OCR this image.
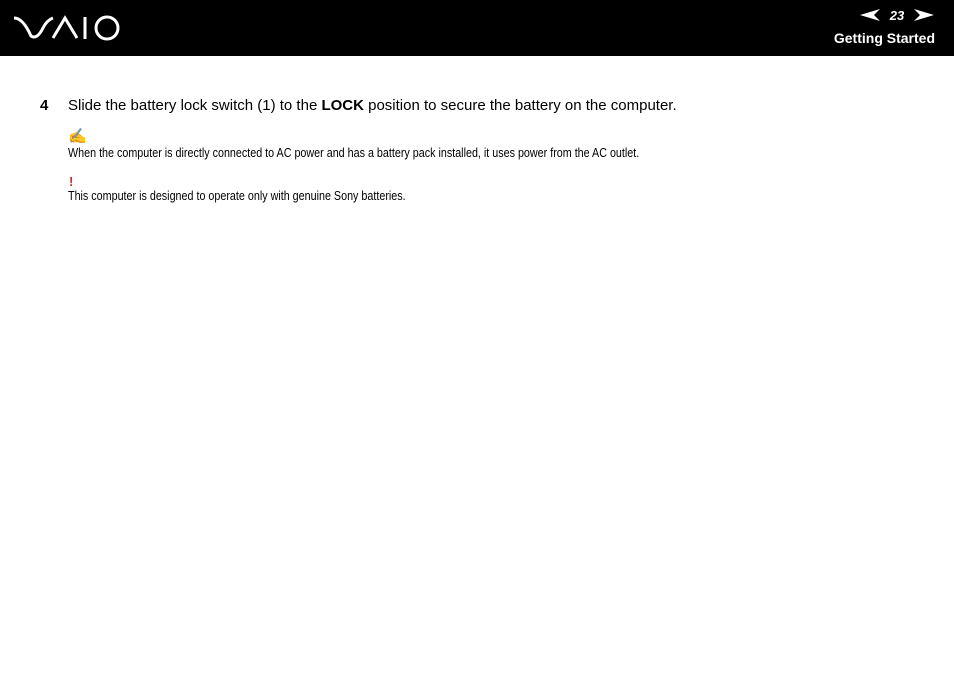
23
Getting Started
4 Slide the battery lock switch (1) to the LOCK position to secure the battery on the computer.
✍
When the computer is directly connected to AC power and has a battery pack installed, it uses power from the AC outlet.
!
This computer is designed to operate only with genuine Sony batteries.
